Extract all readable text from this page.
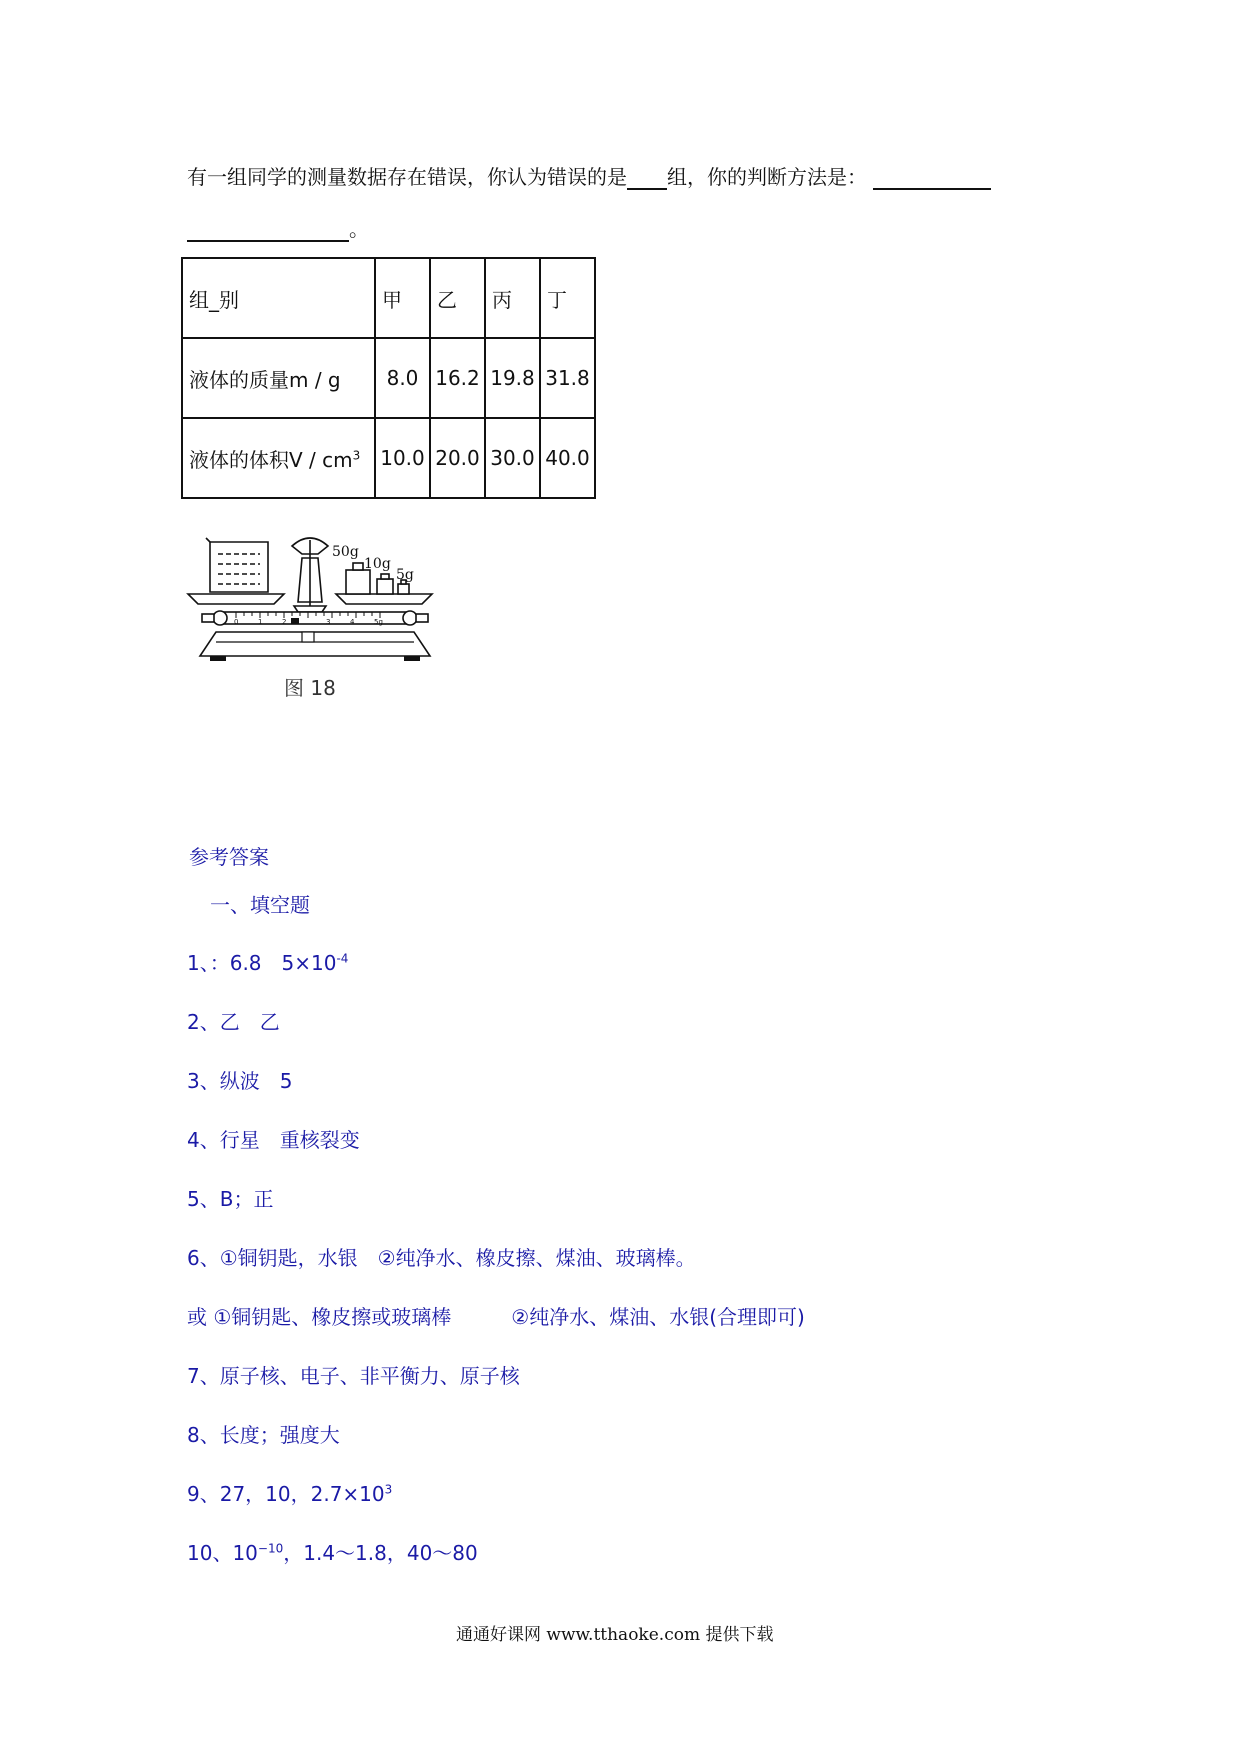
有一组同学的测量数据存在错误，你认为错误的是 组，你的判断方法是：
。
组_别	甲	乙	丙	丁
液体的质量m / g	8.0	16.2	19.8	31.8
液体的体积V / $cm^3$	10.0	20.0	30.0	40.0
50g
10g
5g
0	1	2	3	4	5g
图 18
参考答案
一、填空题
1、：6.8　$5\times 10^{-4}$
2、乙　乙
3、纵波　5
4、行星　重核裂变
5、B；正
6、①铜钥匙，水银　②纯净水、橡皮擦、煤油、玻璃棒。
或 ①铜钥匙、橡皮擦或玻璃棒　　　②纯净水、煤油、水银(合理即可)
7、原子核、电子、非平衡力、原子核
8、长度；强度大
9、27，10，$2.7\times 10^3$
10、$10^{-10}$，1.4～1.8，40～80
通通好课网 www.tthaoke.com 提供下载
